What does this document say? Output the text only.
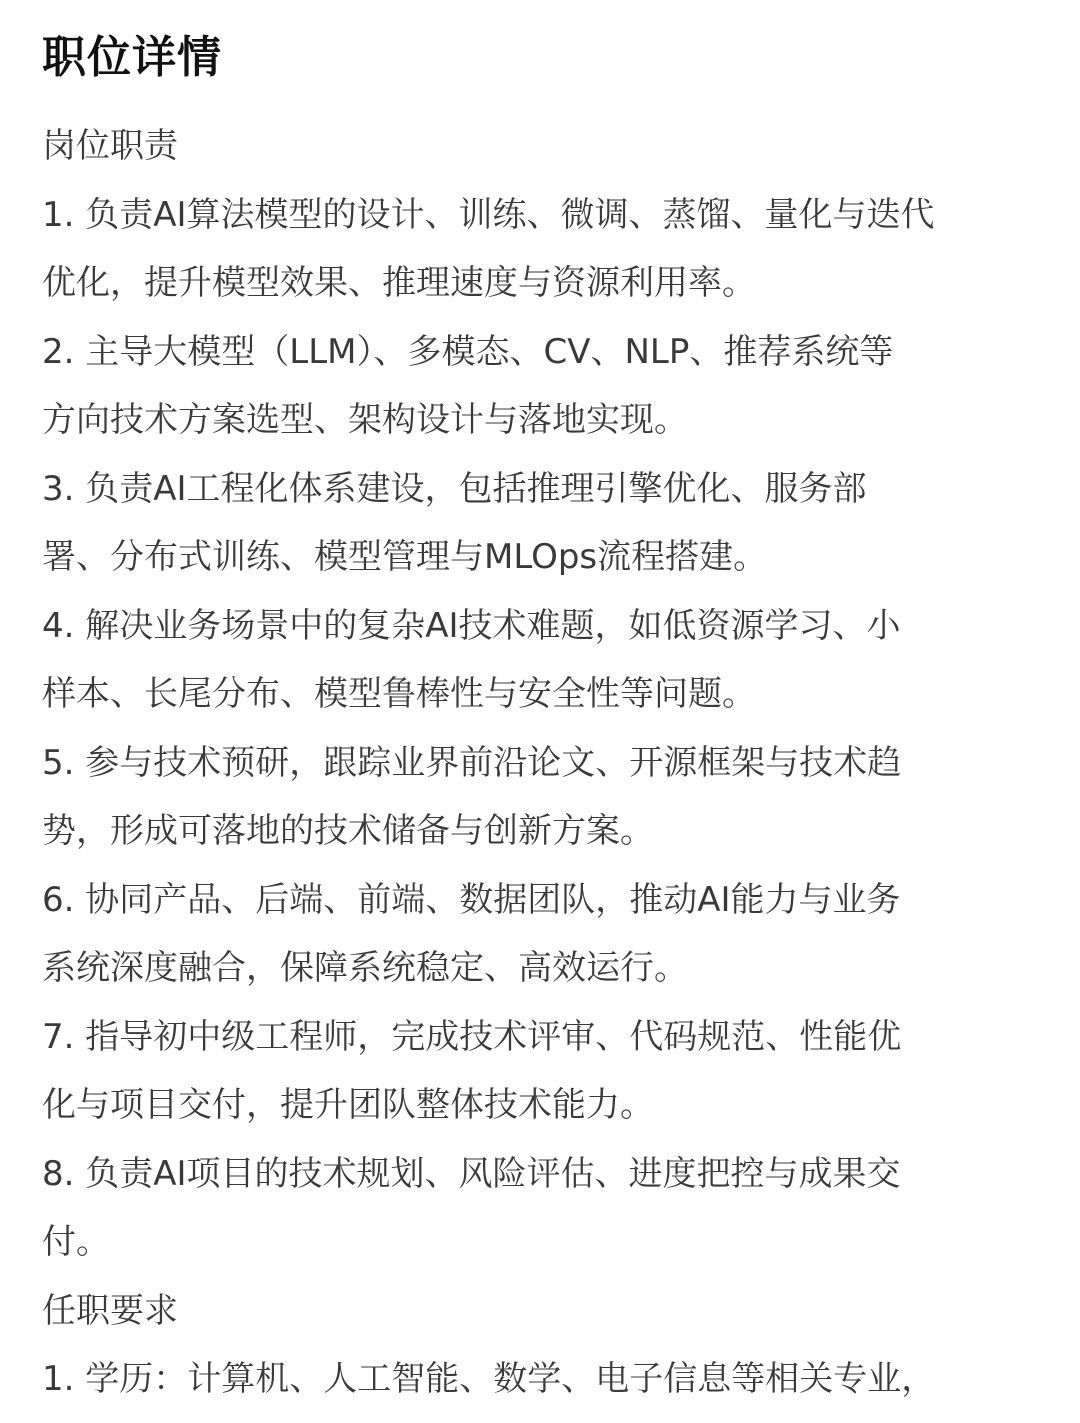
职位详情
岗位职责
1. 负责AI算法模型的设计、训练、微调、蒸馏、量化与迭代
优化，提升模型效果、推理速度与资源利用率。
2. 主导大模型（LLM）、多模态、CV、NLP、推荐系统等
方向技术方案选型、架构设计与落地实现。
3. 负责AI工程化体系建设，包括推理引擎优化、服务部
署、分布式训练、模型管理与MLOps流程搭建。
4. 解决业务场景中的复杂AI技术难题，如低资源学习、小
样本、长尾分布、模型鲁棒性与安全性等问题。
5. 参与技术预研，跟踪业界前沿论文、开源框架与技术趋
势，形成可落地的技术储备与创新方案。
6. 协同产品、后端、前端、数据团队，推动AI能力与业务
系统深度融合，保障系统稳定、高效运行。
7. 指导初中级工程师，完成技术评审、代码规范、性能优
化与项目交付，提升团队整体技术能力。
8. 负责AI项目的技术规划、风险评估、进度把控与成果交
付。
任职要求
1. 学历：计算机、人工智能、数学、电子信息等相关专业，
